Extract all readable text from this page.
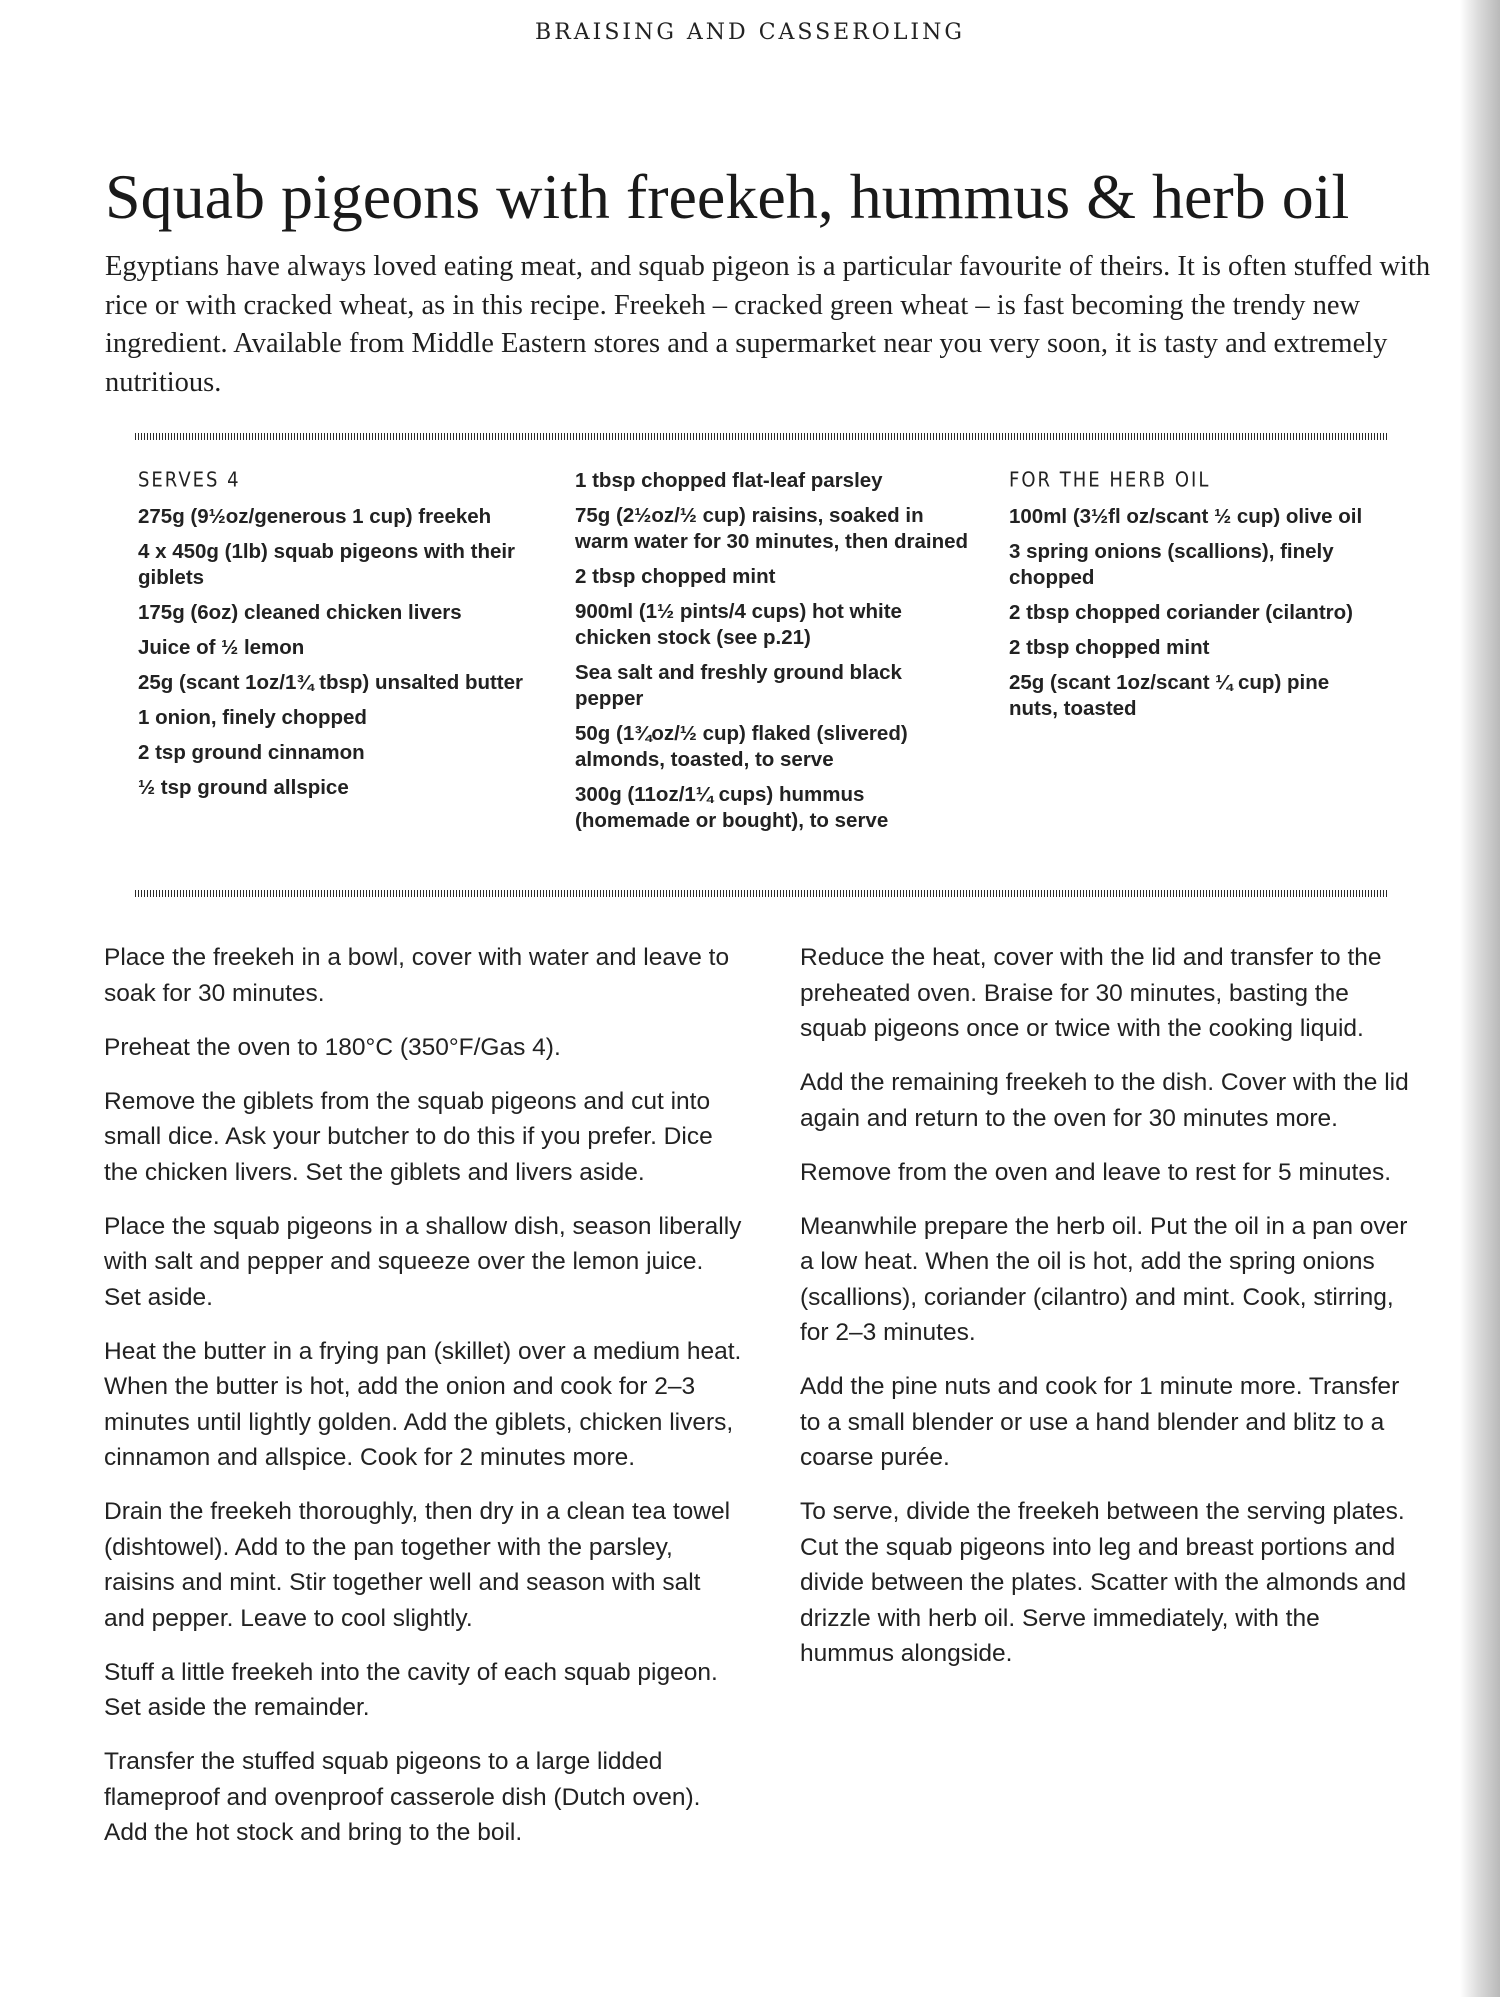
BRAISING AND CASSEROLING
Squab pigeons with freekeh, hummus & herb oil

Egyptians have always loved eating meat, and squab pigeon is a particular favourite of theirs. It is often stuffed with rice or with cracked wheat, as in this recipe. Freekeh – cracked green wheat – is fast becoming the trendy new ingredient. Available from Middle Eastern stores and a supermarket near you very soon, it is tasty and extremely nutritious.

SERVES 4
275g (9½oz/generous 1 cup) freekeh
4 x 450g (1lb) squab pigeons with their giblets
175g (6oz) cleaned chicken livers
Juice of ½ lemon
25g (scant 1oz/1¾ tbsp) unsalted butter
1 onion, finely chopped
2 tsp ground cinnamon
½ tsp ground allspice
1 tbsp chopped flat-leaf parsley
75g (2½oz/½ cup) raisins, soaked in warm water for 30 minutes, then drained
2 tbsp chopped mint
900ml (1½ pints/4 cups) hot white chicken stock (see p.21)
Sea salt and freshly ground black pepper
50g (1¾oz/½ cup) flaked (slivered) almonds, toasted, to serve
300g (11oz/1¼ cups) hummus (homemade or bought), to serve
FOR THE HERB OIL
100ml (3½fl oz/scant ½ cup) olive oil
3 spring onions (scallions), finely chopped
2 tbsp chopped coriander (cilantro)
2 tbsp chopped mint
25g (scant 1oz/scant ¼ cup) pine nuts, toasted

Place the freekeh in a bowl, cover with water and leave to soak for 30 minutes.

Preheat the oven to 180°C (350°F/Gas 4).

Remove the giblets from the squab pigeons and cut into small dice. Ask your butcher to do this if you prefer. Dice the chicken livers. Set the giblets and livers aside.

Place the squab pigeons in a shallow dish, season liberally with salt and pepper and squeeze over the lemon juice. Set aside.

Heat the butter in a frying pan (skillet) over a medium heat. When the butter is hot, add the onion and cook for 2–3 minutes until lightly golden. Add the giblets, chicken livers, cinnamon and allspice. Cook for 2 minutes more.

Drain the freekeh thoroughly, then dry in a clean tea towel (dishtowel). Add to the pan together with the parsley, raisins and mint. Stir together well and season with salt and pepper. Leave to cool slightly.

Stuff a little freekeh into the cavity of each squab pigeon. Set aside the remainder.

Transfer the stuffed squab pigeons to a large lidded flameproof and ovenproof casserole dish (Dutch oven). Add the hot stock and bring to the boil.

Reduce the heat, cover with the lid and transfer to the preheated oven. Braise for 30 minutes, basting the squab pigeons once or twice with the cooking liquid.

Add the remaining freekeh to the dish. Cover with the lid again and return to the oven for 30 minutes more.

Remove from the oven and leave to rest for 5 minutes.

Meanwhile prepare the herb oil. Put the oil in a pan over a low heat. When the oil is hot, add the spring onions (scallions), coriander (cilantro) and mint. Cook, stirring, for 2–3 minutes.

Add the pine nuts and cook for 1 minute more. Transfer to a small blender or use a hand blender and blitz to a coarse purée.

To serve, divide the freekeh between the serving plates. Cut the squab pigeons into leg and breast portions and divide between the plates. Scatter with the almonds and drizzle with herb oil. Serve immediately, with the hummus alongside.
